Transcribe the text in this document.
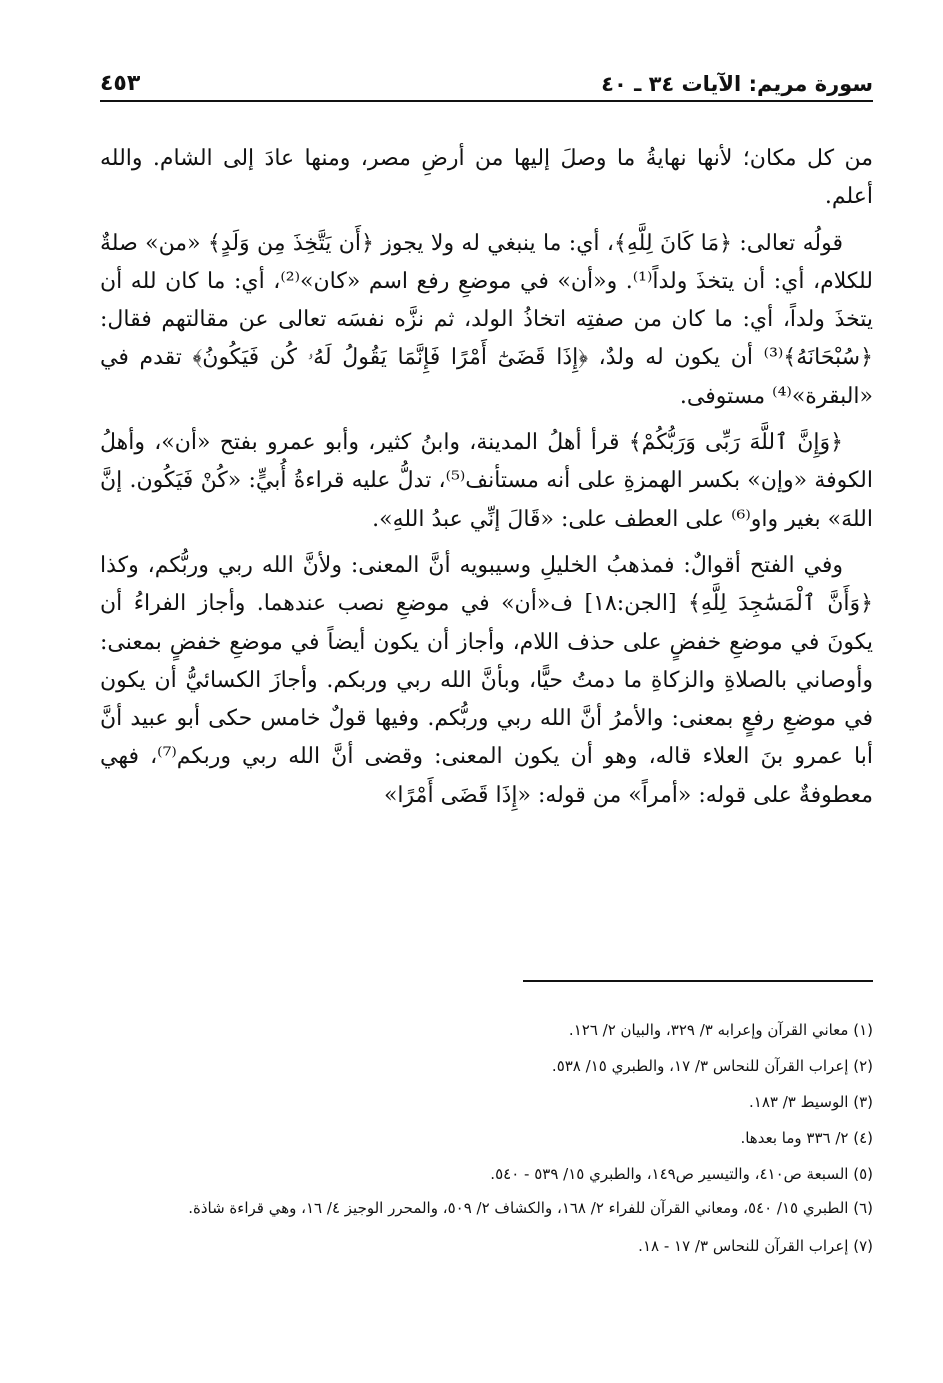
سورة مريم: الآيات ٣٤ ـ ٤٠
٤٥٣

من كل مكان؛ لأنها نهايةُ ما وصلَ إليها من أرضِ مصر، ومنها عادَ إلى الشام. والله أعلم.

قولُه تعالى: ﴿مَا كَانَ لِلَّهِ﴾، أي: ما ينبغي له ولا يجوز ﴿أَن يَتَّخِذَ مِن وَلَدٍ﴾ «من» صلةٌ للكلام، أي: أن يتخذَ ولداً⁽¹⁾. و«أن» في موضعِ رفع اسم «كان»⁽²⁾، أي: ما كان لله أن يتخذَ ولداً، أي: ما كان من صفتِه اتخاذُ الولد، ثم نزَّه نفسَه تعالى عن مقالتهم فقال: ﴿سُبْحَانَهُ﴾⁽³⁾ أن يكون له ولدٌ، ﴿إِذَا قَضَىٰٓ أَمْرًا فَإِنَّمَا يَقُولُ لَهُۥ كُن فَيَكُونُ﴾ تقدم في «البقرة»⁽⁴⁾ مستوفى.

﴿وَإِنَّ ٱللَّهَ رَبِّى وَرَبُّكُمْ﴾ قرأ أهلُ المدينة، وابنُ كثير، وأبو عمرو بفتح «أن»، وأهلُ الكوفة «وإن» بكسر الهمزةِ على أنه مستأنف⁽⁵⁾، تدلُّ عليه قراءةُ أُبيٍّ: «كُنْ فَيَكُون. إنَّ اللهَ» بغير واو⁽⁶⁾ على العطف على: «قَالَ إنِّي عبدُ اللهِ».

وفي الفتح أقوالٌ: فمذهبُ الخليلِ وسيبويه أنَّ المعنى: ولأنَّ الله ربي وربُّكم، وكذا ﴿وَأَنَّ ٱلْمَسَٰجِدَ لِلَّهِ﴾ [الجن:١٨] ف«أن» في موضعِ نصب عندهما. وأجاز الفراءُ أن يكونَ في موضعِ خفضٍ على حذف اللام، وأجاز أن يكون أيضاً في موضعِ خفضٍ بمعنى: وأوصاني بالصلاةِ والزكاةِ ما دمتُ حيًّا، وبأنَّ الله ربي وربكم. وأجازَ الكسائيُّ أن يكون في موضعِ رفعٍ بمعنى: والأمرُ أنَّ الله ربي وربُّكم. وفيها قولٌ خامس حكى أبو عبيد أنَّ أبا عمرو بنَ العلاء قاله، وهو أن يكون المعنى: وقضى أنَّ الله ربي وربكم⁽⁷⁾، فهي معطوفةٌ على قوله: «أمراً» من قوله: «إِذَا قَضَى أَمْرًا»

(١) معاني القرآن وإعرابه ٣/ ٣٢٩، والبيان ٢/ ١٢٦.

(٢) إعراب القرآن للنحاس ٣/ ١٧، والطبري ١٥/ ٥٣٨.

(٣) الوسيط ٣/ ١٨٣.

(٤) ٢/ ٣٣٦ وما بعدها.

(٥) السبعة ص٤١٠، والتيسير ص١٤٩، والطبري ١٥/ ٥٣٩ - ٥٤٠.

(٦) الطبري ١٥/ ٥٤٠، ومعاني القرآن للفراء ٢/ ١٦٨، والكشاف ٢/ ٥٠٩، والمحرر الوجيز ٤/ ١٦، وهي قراءة شاذة.

(٧) إعراب القرآن للنحاس ٣/ ١٧ - ١٨.
